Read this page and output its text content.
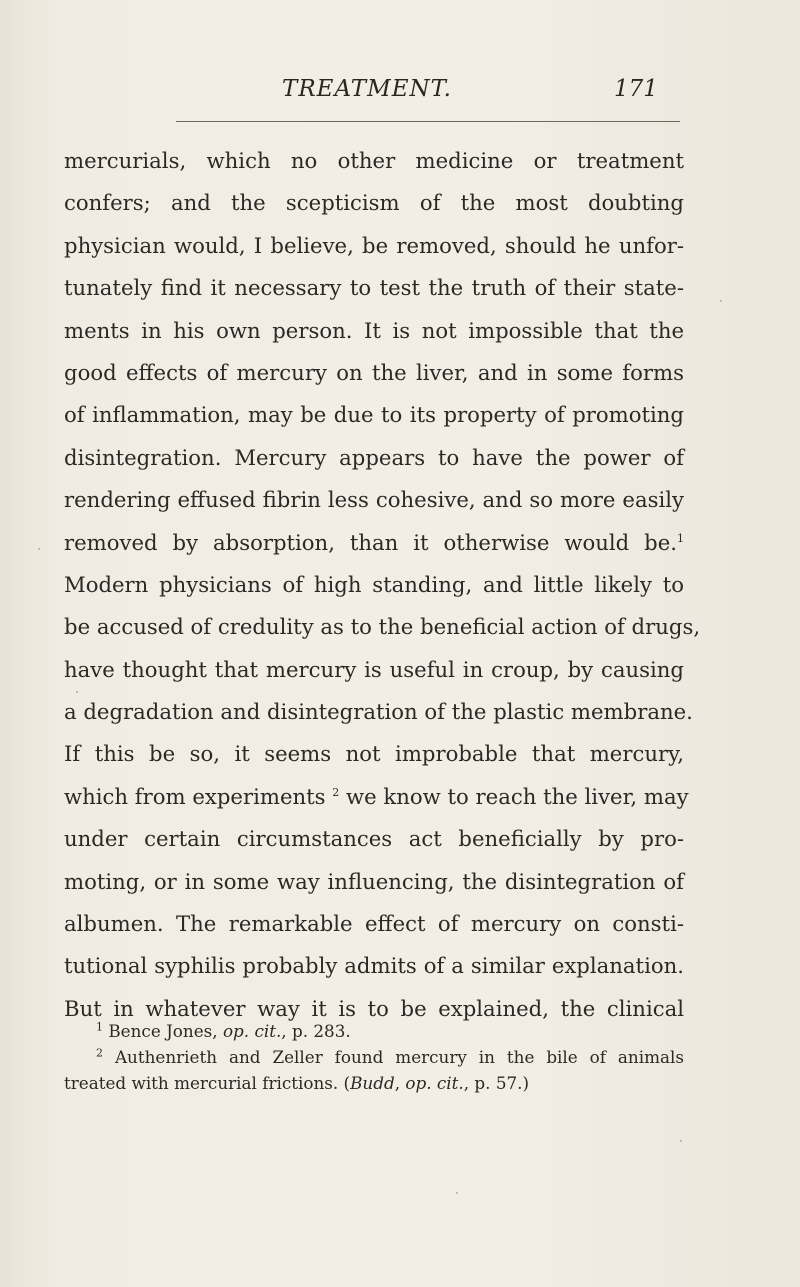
TREATMENT.	171
mercurials, which no other medicine or treatment
confers; and the scepticism of the most doubting
physician would, I believe, be removed, should he unfor-
tunately find it necessary to test the truth of their state-
ments in his own person. It is not impossible that the
good effects of mercury on the liver, and in some forms
of inflammation, may be due to its property of promoting
disintegration. Mercury appears to have the power of
rendering effused fibrin less cohesive, and so more easily
removed by absorption, than it otherwise would be.$^1$
Modern physicians of high standing, and little likely to
be accused of credulity as to the beneficial action of drugs,
have thought that mercury is useful in croup, by causing
a degradation and disintegration of the plastic membrane.
If this be so, it seems not improbable that mercury,
which from experiments $^2$ we know to reach the liver, may
under certain circumstances act beneficially by pro-
moting, or in some way influencing, the disintegration of
albumen. The remarkable effect of mercury on consti-
tutional syphilis probably admits of a similar explanation.
But in whatever way it is to be explained, the clinical
$^1$ Bence Jones, op. cit., p. 283.
$^2$ Authenrieth and Zeller found mercury in the bile of animals
treated with mercurial frictions. (Budd, op. cit., p. 57.)
